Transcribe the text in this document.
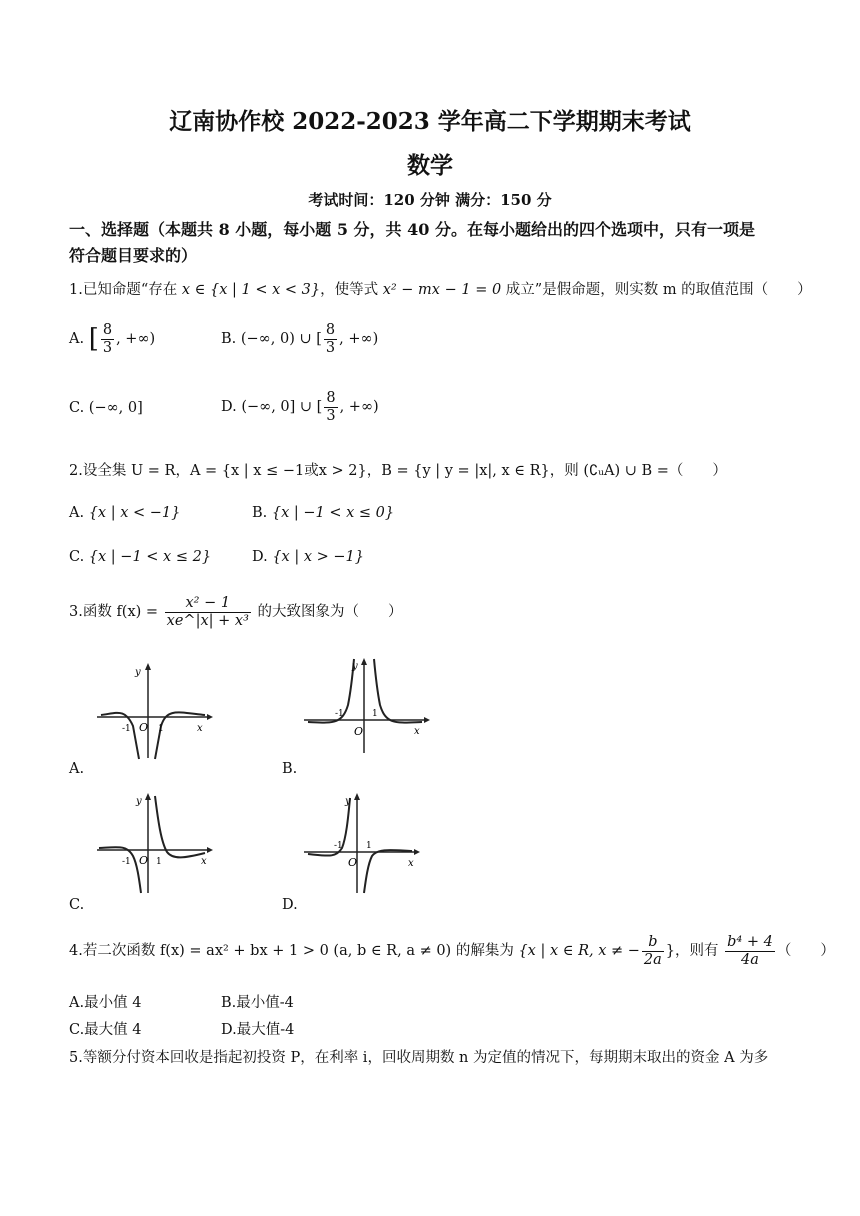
辽南协作校 2022-2023 学年高二下学期期末考试
数学
考试时间：120 分钟 满分：150 分
一、选择题（本题共 8 小题，每小题 5 分，共 40 分。在每小题给出的四个选项中，只有一项是
符合题目要求的）
1.已知命题“存在 x ∈ {x | 1 < x < 3}，使等式 x² − mx − 1 = 0 成立”是假命题，则实数 m 的取值范围（　　）
A. [ $\frac{8}{3}$ , +∞)	B. (−∞, 0) ∪ [ $\frac{8}{3}$ , +∞)
C. (−∞, 0]	D. (−∞, 0] ∪ [ $\frac{8}{3}$ , +∞)
2.设全集 U = R，A = {x | x ≤ −1或x > 2}，B = {y | y = |x|, x ∈ R}，则 (∁ᵤA) ∪ B =（　　）
A. {x | x < −1}	B. {x | −1 < x ≤ 0}
C. {x | −1 < x ≤ 2}	D. {x | x > −1}
3.函数 $f(x) = \frac{\text{x² − 1}}{\text{xe\textasciicircum{}|x| + x³}}$ 的大致图象为（　　）
y
x
O
-1	1
A.
y
x
O
-1	1
B.
y
x
O
-1	1
C.
y
x
O
-1	1
D.
4.若二次函数 f(x) = ax² + bx + 1 > 0 (a, b ∈ R, a ≠ 0) 的解集为 {x | x ∈ R, x ≠ − $\frac{b}{2a}$ }，则有 $\frac{\text{b⁴ + 4}}{4a}$ （　　）
A.最小值 4	B.最小值-4
C.最大值 4	D.最大值-4
5.等额分付资本回收是指起初投资 P，在利率 i，回收周期数 n 为定值的情况下，每期期末取出的资金 A 为多
